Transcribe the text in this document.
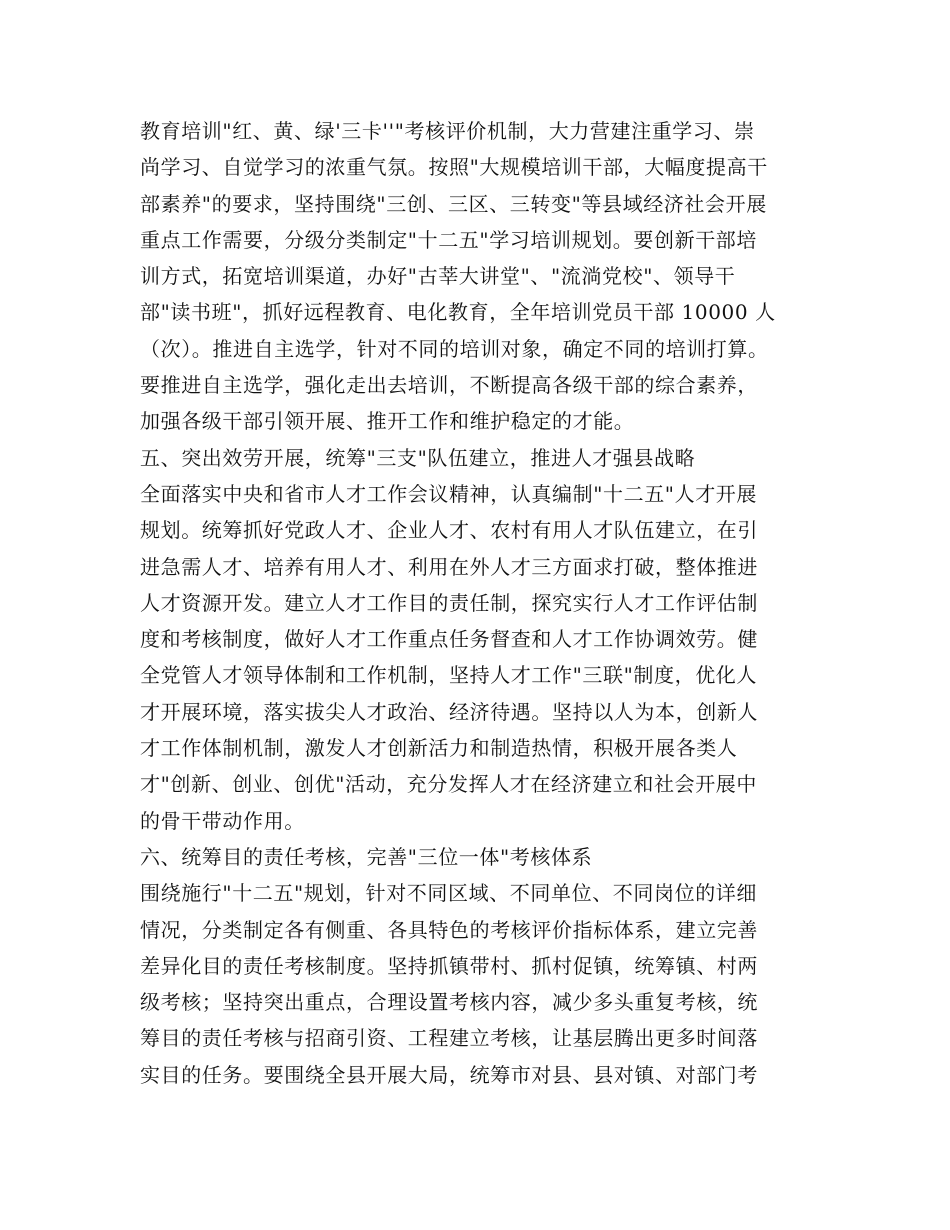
教育培训"红、黄、绿'三卡''"考核评价机制，大力营建注重学习、崇
尚学习、自觉学习的浓重气氛。按照"大规模培训干部，大幅度提高干
部素养"的要求，坚持围绕"三创、三区、三转变"等县域经济社会开展
重点工作需要，分级分类制定"十二五"学习培训规划。要创新干部培
训方式，拓宽培训渠道，办好"古莘大讲堂"、"流淌党校"、领导干
部"读书班"，抓好远程教育、电化教育，全年培训党员干部 10000 人
（次）。推进自主选学，针对不同的培训对象，确定不同的培训打算。
要推进自主选学，强化走出去培训，不断提高各级干部的综合素养，
加强各级干部引领开展、推开工作和维护稳定的才能。
五、突出效劳开展，统筹"三支"队伍建立，推进人才强县战略
全面落实中央和省市人才工作会议精神，认真编制"十二五"人才开展
规划。统筹抓好党政人才、企业人才、农村有用人才队伍建立，在引
进急需人才、培养有用人才、利用在外人才三方面求打破，整体推进
人才资源开发。建立人才工作目的责任制，探究实行人才工作评估制
度和考核制度，做好人才工作重点任务督查和人才工作协调效劳。健
全党管人才领导体制和工作机制，坚持人才工作"三联"制度，优化人
才开展环境，落实拔尖人才政治、经济待遇。坚持以人为本，创新人
才工作体制机制，激发人才创新活力和制造热情，积极开展各类人
才"创新、创业、创优"活动，充分发挥人才在经济建立和社会开展中
的骨干带动作用。
六、统筹目的责任考核，完善"三位一体"考核体系
围绕施行"十二五"规划，针对不同区域、不同单位、不同岗位的详细
情况，分类制定各有侧重、各具特色的考核评价指标体系，建立完善
差异化目的责任考核制度。坚持抓镇带村、抓村促镇，统筹镇、村两
级考核；坚持突出重点，合理设置考核内容，减少多头重复考核，统
筹目的责任考核与招商引资、工程建立考核，让基层腾出更多时间落
实目的任务。要围绕全县开展大局，统筹市对县、县对镇、对部门考
